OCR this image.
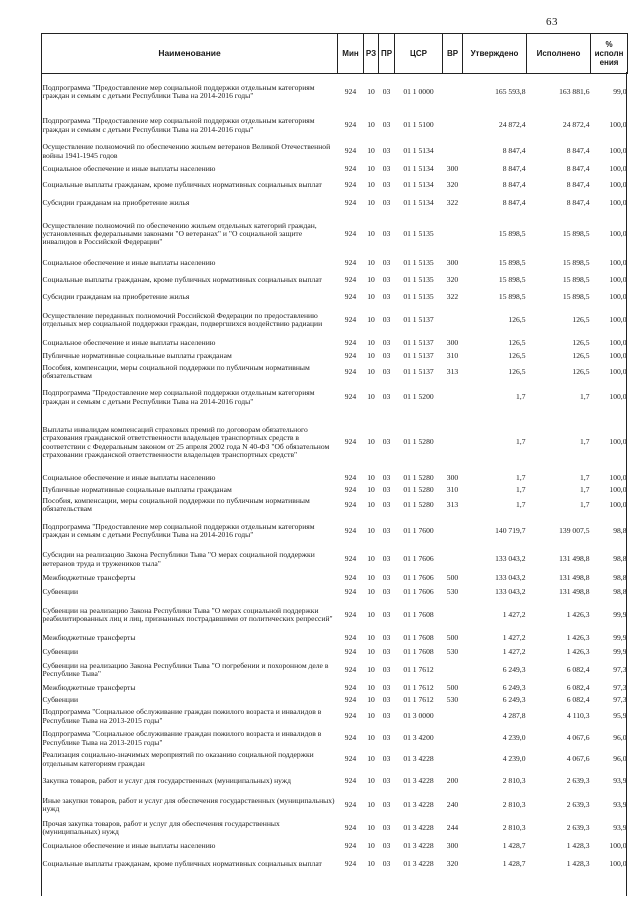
63
Наименование	Мин	РЗ	ПР	ЦСР	ВР	Утверждено	Исполнено	% исполн ения
Подпрограмма "Предоставление мер социальной поддержки отдельным категориям граждан и семьям с детьми Республики Тыва на 2014-2016 годы"	924	10	03	01 1 0000		165 593,8	163 881,6	99,0
Подпрограмма "Предоставление мер социальной поддержки отдельным категориям граждан и семьям с детьми Республики Тыва на 2014-2016 годы"	924	10	03	01 1 5100		24 872,4	24 872,4	100,0
Осуществление полномочий по обеспечению жильем ветеранов Великой Отечественной войны 1941-1945 годов	924	10	03	01 1 5134		8 847,4	8 847,4	100,0
Социальное обеспечение и иные выплаты населению	924	10	03	01 1 5134	300	8 847,4	8 847,4	100,0
Социальные выплаты гражданам, кроме публичных нормативных социальных выплат	924	10	03	01 1 5134	320	8 847,4	8 847,4	100,0
Субсидии гражданам на приобретение жилья	924	10	03	01 1 5134	322	8 847,4	8 847,4	100,0
Осуществление полномочий по обеспечению жильем отдельных категорий граждан, установленных федеральными законами "О ветеранах" и "О социальной защите инвалидов в Российской Федерации"	924	10	03	01 1 5135		15 898,5	15 898,5	100,0
Социальное обеспечение и иные выплаты населению	924	10	03	01 1 5135	300	15 898,5	15 898,5	100,0
Социальные выплаты гражданам, кроме публичных нормативных социальных выплат	924	10	03	01 1 5135	320	15 898,5	15 898,5	100,0
Субсидии гражданам на приобретение жилья	924	10	03	01 1 5135	322	15 898,5	15 898,5	100,0
Осуществление переданных полномочий Российской Федерации по предоставлению отдельных мер социальной поддержки граждан, подвергшихся воздействию радиации	924	10	03	01 1 5137		126,5	126,5	100,0
Социальное обеспечение и иные выплаты населению	924	10	03	01 1 5137	300	126,5	126,5	100,0
Публичные нормативные социальные выплаты гражданам	924	10	03	01 1 5137	310	126,5	126,5	100,0
Пособия, компенсации, меры социальной поддержки по публичным нормативным обязательствам	924	10	03	01 1 5137	313	126,5	126,5	100,0
Подпрограмма "Предоставление мер социальной поддержки отдельным категориям граждан и семьям с детьми Республики Тыва на 2014-2016 годы"	924	10	03	01 1 5200		1,7	1,7	100,0
Выплаты инвалидам компенсаций страховых премий по договорам обязательного страхования гражданской ответственности владельцев транспортных средств в соответствии с Федеральным законом от 25 апреля 2002 года N 40-ФЗ "Об обязательном страховании гражданской ответственности владельцев транспортных средств"	924	10	03	01 1 5280		1,7	1,7	100,0
Социальное обеспечение и иные выплаты населению	924	10	03	01 1 5280	300	1,7	1,7	100,0
Публичные нормативные социальные выплаты гражданам	924	10	03	01 1 5280	310	1,7	1,7	100,0
Пособия, компенсации, меры социальной поддержки по публичным нормативным обязательствам	924	10	03	01 1 5280	313	1,7	1,7	100,0
Подпрограмма "Предоставление мер социальной поддержки отдельным категориям граждан и семьям с детьми Республики Тыва на 2014-2016 годы"	924	10	03	01 1 7600		140 719,7	139 007,5	98,8
Субсидии на реализацию Закона Республики Тыва "О мерах социальной поддержки ветеранов труда и тружеников тыла"	924	10	03	01 1 7606		133 043,2	131 498,8	98,8
Межбюджетные трансферты	924	10	03	01 1 7606	500	133 043,2	131 498,8	98,8
Субвенции	924	10	03	01 1 7606	530	133 043,2	131 498,8	98,8
Субвенции на реализацию Закона Республики Тыва "О мерах социальной поддержки реабилитированных лиц и лиц, признанных пострадавшими от политических репрессий"	924	10	03	01 1 7608		1 427,2	1 426,3	99,9
Межбюджетные трансферты	924	10	03	01 1 7608	500	1 427,2	1 426,3	99,9
Субвенции	924	10	03	01 1 7608	530	1 427,2	1 426,3	99,9
Субвенции на реализацию Закона Республики Тыва "О погребении и похоронном деле в Республике Тыва"	924	10	03	01 1 7612		6 249,3	6 082,4	97,3
Межбюджетные трансферты	924	10	03	01 1 7612	500	6 249,3	6 082,4	97,3
Субвенции	924	10	03	01 1 7612	530	6 249,3	6 082,4	97,3
Подпрограмма "Социальное обслуживание граждан пожилого возраста и инвалидов в Республике Тыва на 2013-2015 годы"	924	10	03	01 3 0000		4 287,8	4 110,3	95,9
Подпрограмма "Социальное обслуживание граждан пожилого возраста и инвалидов в Республике Тыва на 2013-2015 годы"	924	10	03	01 3 4200		4 239,0	4 067,6	96,0
Реализация социально-значимых мероприятий по оказанию социальной поддержки отдельным категориям граждан	924	10	03	01 3 4228		4 239,0	4 067,6	96,0
Закупка товаров, работ и услуг для государственных (муниципальных) нужд	924	10	03	01 3 4228	200	2 810,3	2 639,3	93,9
Иные закупки товаров, работ и услуг для обеспечения государственных (муниципальных) нужд	924	10	03	01 3 4228	240	2 810,3	2 639,3	93,9
Прочая закупка товаров, работ и услуг для обеспечения государственных (муниципальных) нужд	924	10	03	01 3 4228	244	2 810,3	2 639,3	93,9
Социальное обеспечение и иные выплаты населению	924	10	03	01 3 4228	300	1 428,7	1 428,3	100,0
Социальные выплаты гражданам, кроме публичных нормативных социальных выплат	924	10	03	01 3 4228	320	1 428,7	1 428,3	100,0
